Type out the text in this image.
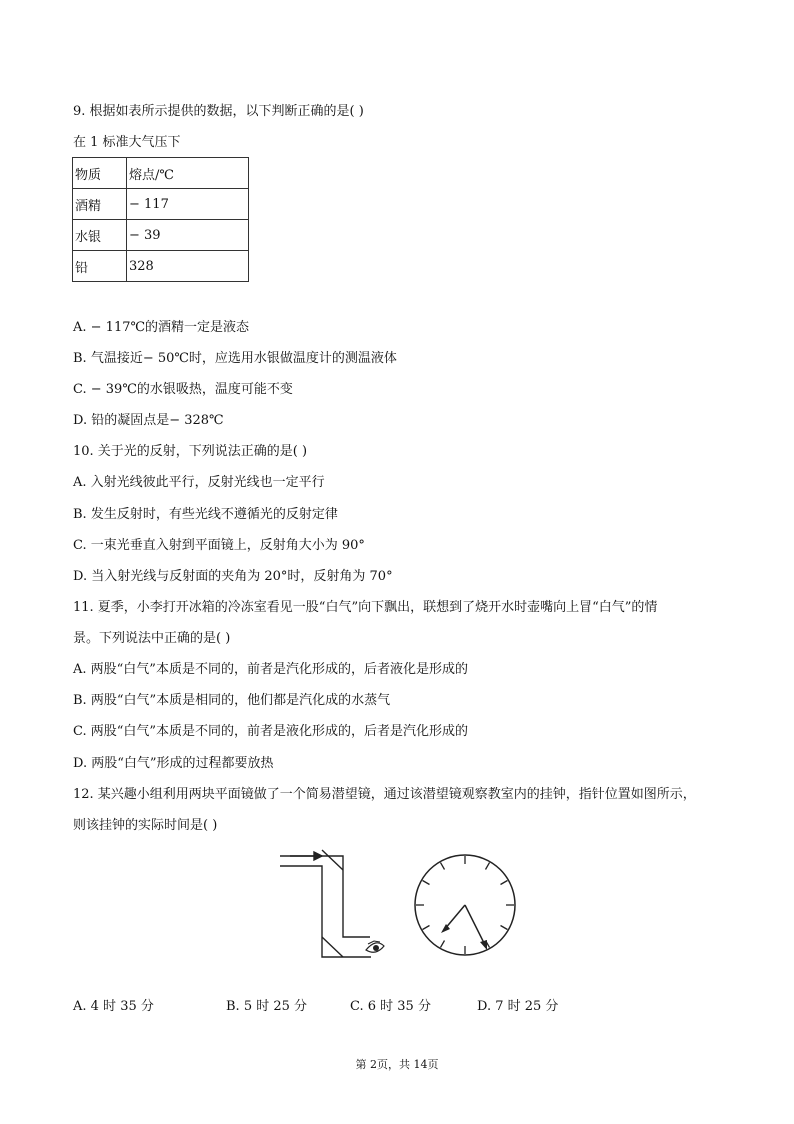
9. 根据如表所示提供的数据，以下判断正确的是( )
在 1 标准大气压下
物质	熔点/℃
酒精	− 117
水银	− 39
铅	328
A. − 117℃的酒精一定是液态
B. 气温接近− 50℃时，应选用水银做温度计的测温液体
C. − 39℃的水银吸热，温度可能不变
D. 铅的凝固点是− 328℃
10. 关于光的反射，下列说法正确的是( )
A. 入射光线彼此平行，反射光线也一定平行
B. 发生反射时，有些光线不遵循光的反射定律
C. 一束光垂直入射到平面镜上，反射角大小为 90°
D. 当入射光线与反射面的夹角为 20°时，反射角为 70°
11. 夏季，小李打开冰箱的冷冻室看见一股“白气”向下飘出，联想到了烧开水时壶嘴向上冒“白气”的情
景。下列说法中正确的是( )
A. 两股“白气”本质是不同的，前者是汽化形成的，后者液化是形成的
B. 两股“白气”本质是相同的，他们都是汽化成的水蒸气
C. 两股“白气”本质是不同的，前者是液化形成的，后者是汽化形成的
D. 两股“白气”形成的过程都要放热
12. 某兴趣小组利用两块平面镜做了一个简易潜望镜，通过该潜望镜观察教室内的挂钟，指针位置如图所示，
则该挂钟的实际时间是( )
A. 4 时 35 分	B. 5 时 25 分	C. 6 时 35 分	D. 7 时 25 分
第 2页，共 14页
